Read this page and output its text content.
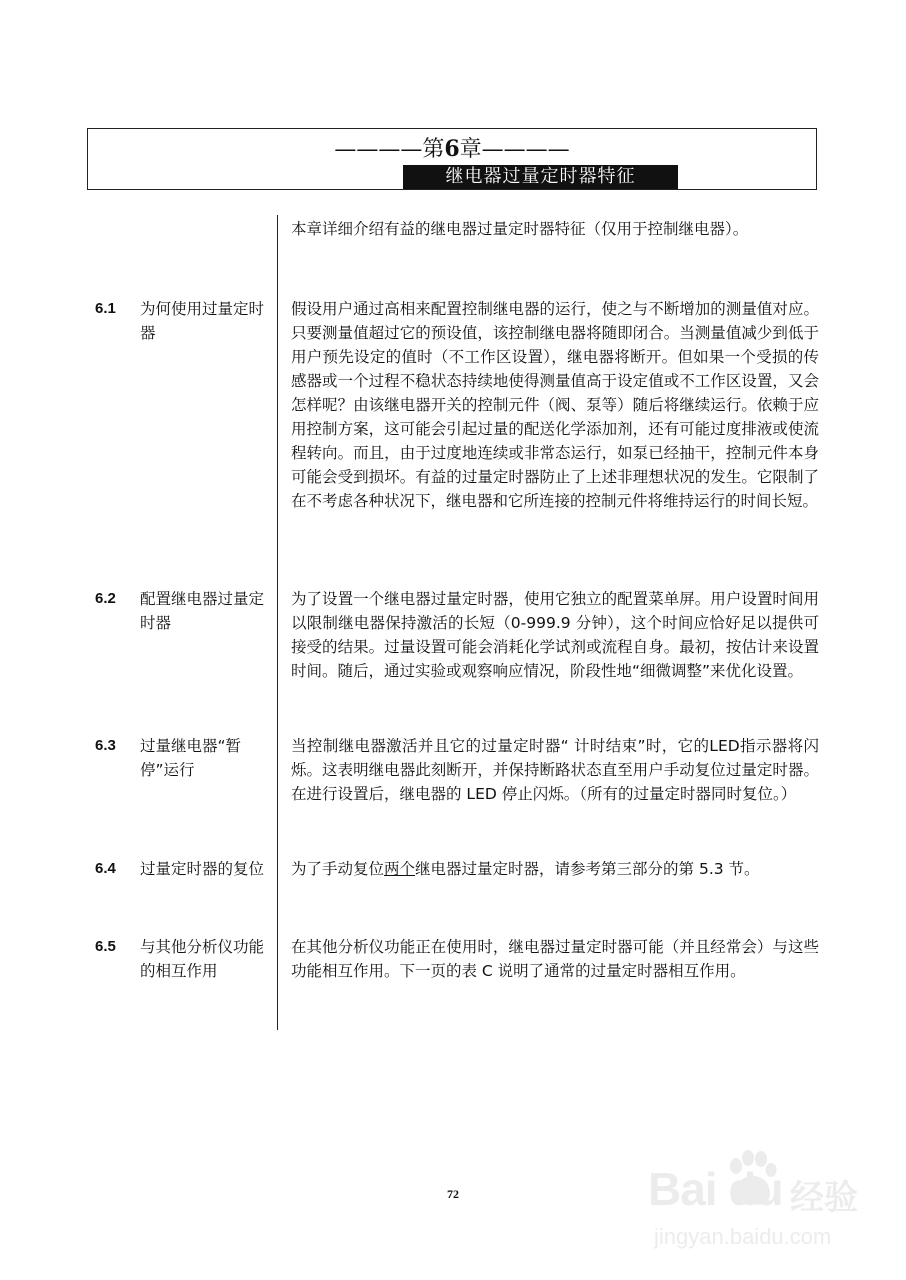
————第6章————
继电器过量定时器特征
本章详细介绍有益的继电器过量定时器特征（仅用于控制继电器）。
6.1 为何使用过量定时器
假设用户通过高相来配置控制继电器的运行，使之与不断增加的测量值对应。只要测量值超过它的预设值，该控制继电器将随即闭合。当测量值减少到低于用户预先设定的值时（不工作区设置），继电器将断开。但如果一个受损的传感器或一个过程不稳状态持续地使得测量值高于设定值或不工作区设置，又会怎样呢？由该继电器开关的控制元件（阀、泵等）随后将继续运行。依赖于应用控制方案，这可能会引起过量的配送化学添加剂，还有可能过度排液或使流程转向。而且，由于过度地连续或非常态运行，如泵已经抽干，控制元件本身可能会受到损坏。有益的过量定时器防止了上述非理想状况的发生。它限制了在不考虑各种状况下，继电器和它所连接的控制元件将维持运行的时间长短。
6.2 配置继电器过量定时器
为了设置一个继电器过量定时器，使用它独立的配置菜单屏。用户设置时间用以限制继电器保持激活的长短（0-999.9 分钟），这个时间应恰好足以提供可接受的结果。过量设置可能会消耗化学试剂或流程自身。最初，按估计来设置时间。随后，通过实验或观察响应情况，阶段性地“细微调整”来优化设置。
6.3 过量继电器“暂停”运行
当控制继电器激活并且它的过量定时器“ 计时结束”时，它的LED指示器将闪烁。这表明继电器此刻断开，并保持断路状态直至用户手动复位过量定时器。在进行设置后，继电器的 LED 停止闪烁。（所有的过量定时器同时复位。）
6.4 过量定时器的复位	为了手动复位两个继电器过量定时器，请参考第三部分的第 5.3 节。
6.5 与其他分析仪功能的相互作用
在其他分析仪功能正在使用时，继电器过量定时器可能（并且经常会）与这些功能相互作用。下一页的表 C 说明了通常的过量定时器相互作用。
72	Bai du 经验
jingyan.baidu.com
